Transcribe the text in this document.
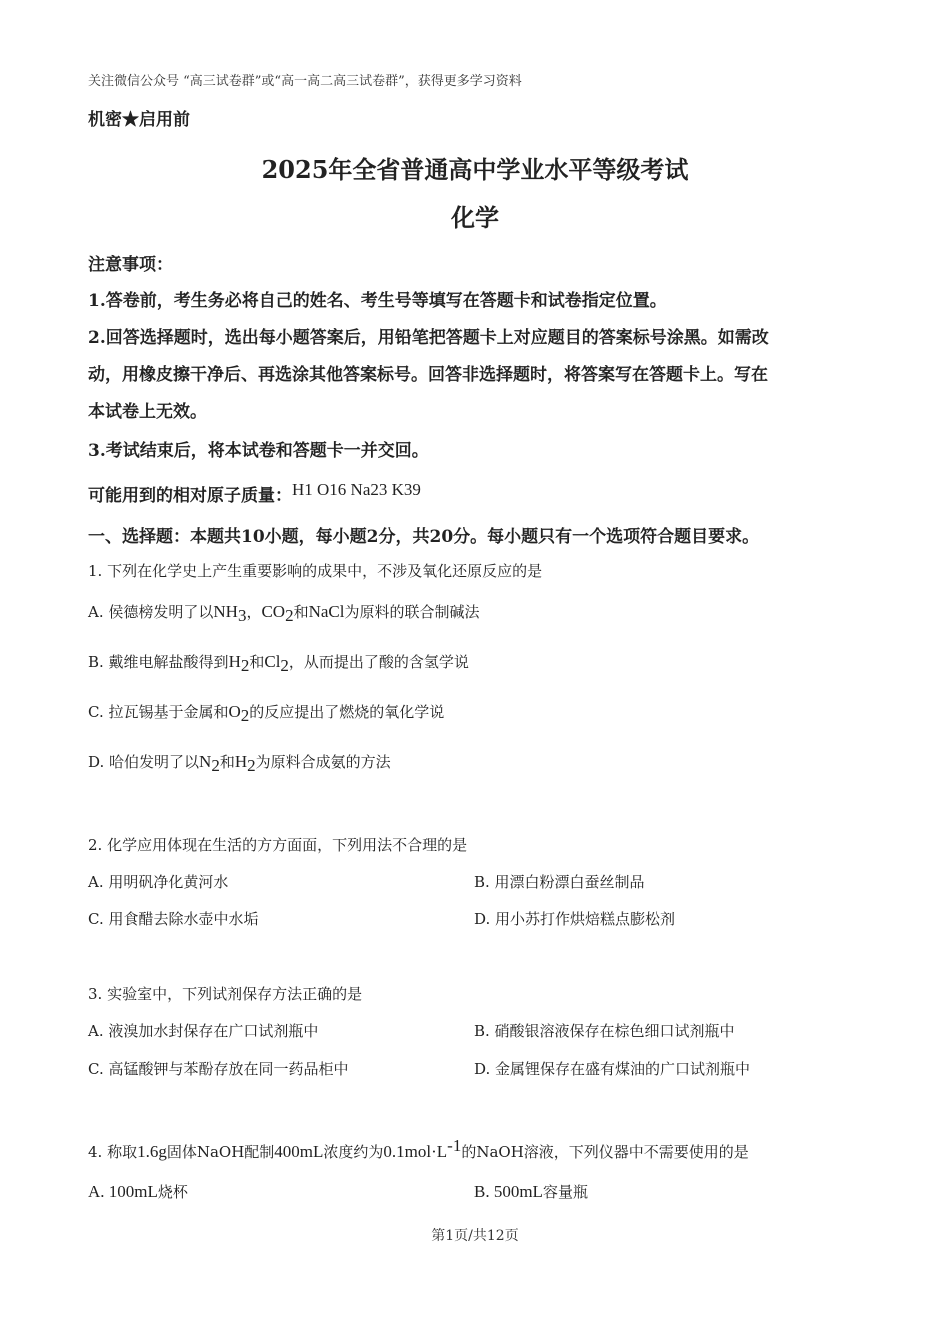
关注微信公众号 “高三试卷群”或“高一高二高三试卷群”，获得更多学习资料
机密★启用前
2025年全省普通高中学业水平等级考试
化学
注意事项：
1.答卷前，考生务必将自己的姓名、考生号等填写在答题卡和试卷指定位置。
2.回答选择题时，选出每小题答案后，用铅笔把答题卡上对应题目的答案标号涂黑。如需改
动，用橡皮擦干净后、再选涂其他答案标号。回答非选择题时，将答案写在答题卡上。写在
本试卷上无效。
3.考试结束后，将本试卷和答题卡一并交回。
可能用到的相对原子质量：H1 O16 Na23 K39
一、选择题：本题共10小题，每小题2分，共20分。每小题只有一个选项符合题目要求。
1. 下列在化学史上产生重要影响的成果中，不涉及氧化还原反应的是
A. 侯德榜发明了以$NH_3$，$CO_2$和NaCl为原料的联合制碱法
B. 戴维电解盐酸得到$H_2$和$Cl_2$，从而提出了酸的含氢学说
C. 拉瓦锡基于金属和$O_2$的反应提出了燃烧的氧化学说
D. 哈伯发明了以$N_2$和$H_2$为原料合成氨的方法
2. 化学应用体现在生活的方方面面，下列用法不合理的是
A. 用明矾净化黄河水	B. 用漂白粉漂白蚕丝制品
C. 用食醋去除水壶中水垢	D. 用小苏打作烘焙糕点膨松剂
3. 实验室中，下列试剂保存方法正确的是
A. 液溴加水封保存在广口试剂瓶中	B. 硝酸银溶液保存在棕色细口试剂瓶中
C. 高锰酸钾与苯酚存放在同一药品柜中	D. 金属锂保存在盛有煤油的广口试剂瓶中
4. 称取1.6g固体NaOH配制400mL浓度约为$0.1mol\cdot L^{-1}$的NaOH溶液，下列仪器中不需要使用的是
A. 100mL烧杯	B. 500mL容量瓶
第1页/共12页
